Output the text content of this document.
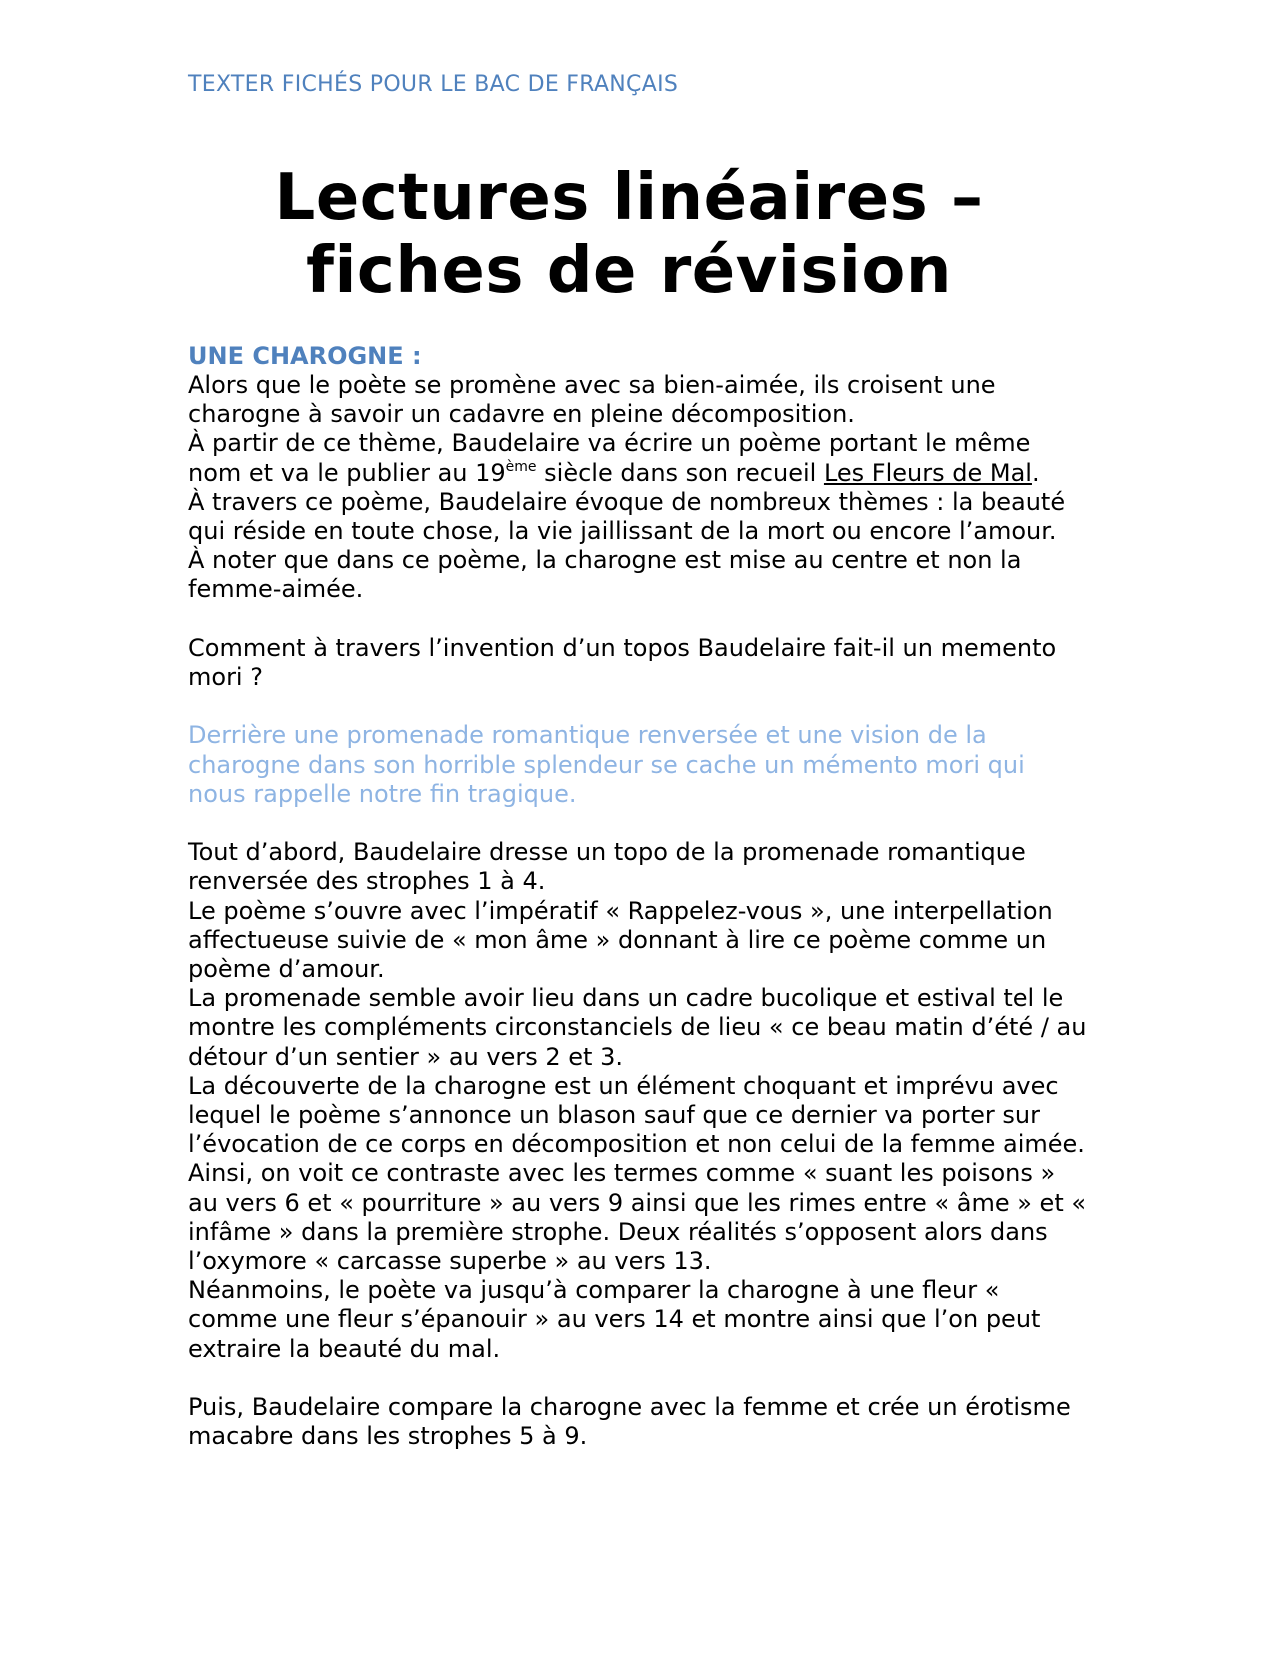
TEXTER FICHÉS POUR LE BAC DE FRANÇAIS

Lectures linéaires –
fiches de révision
UNE CHAROGNE :

Alors que le poète se promène avec sa bien-aimée, ils croisent une charogne à savoir un cadavre en pleine décomposition.

À partir de ce thème, Baudelaire va écrire un poème portant le même nom et va le publier au 19ème siècle dans son recueil Les Fleurs de Mal.

À travers ce poème, Baudelaire évoque de nombreux thèmes : la beauté qui réside en toute chose, la vie jaillissant de la mort ou encore l’amour.

À noter que dans ce poème, la charogne est mise au centre et non la femme-aimée.

Comment à travers l’invention d’un topos Baudelaire fait-il un memento mori ?

Derrière une promenade romantique renversée et une vision de la charogne dans son horrible splendeur se cache un mémento mori qui nous rappelle notre fin tragique.

Tout d’abord, Baudelaire dresse un topo de la promenade romantique renversée des strophes 1 à 4.

Le poème s’ouvre avec l’impératif « Rappelez-vous », une interpellation affectueuse suivie de « mon âme » donnant à lire ce poème comme un poème d’amour.

La promenade semble avoir lieu dans un cadre bucolique et estival tel le montre les compléments circonstanciels de lieu « ce beau matin d’été / au détour d’un sentier » au vers 2 et 3.

La découverte de la charogne est un élément choquant et imprévu avec lequel le poème s’annonce un blason sauf que ce dernier va porter sur l’évocation de ce corps en décomposition et non celui de la femme aimée. Ainsi, on voit ce contraste avec les termes comme « suant les poisons » au vers 6 et « pourriture » au vers 9 ainsi que les rimes entre « âme » et « infâme » dans la première strophe. Deux réalités s’opposent alors dans l’oxymore « carcasse superbe » au vers 13.

Néanmoins, le poète va jusqu’à comparer la charogne à une fleur « comme une fleur s’épanouir » au vers 14 et montre ainsi que l’on peut extraire la beauté du mal.

Puis, Baudelaire compare la charogne avec la femme et crée un érotisme macabre dans les strophes 5 à 9.
